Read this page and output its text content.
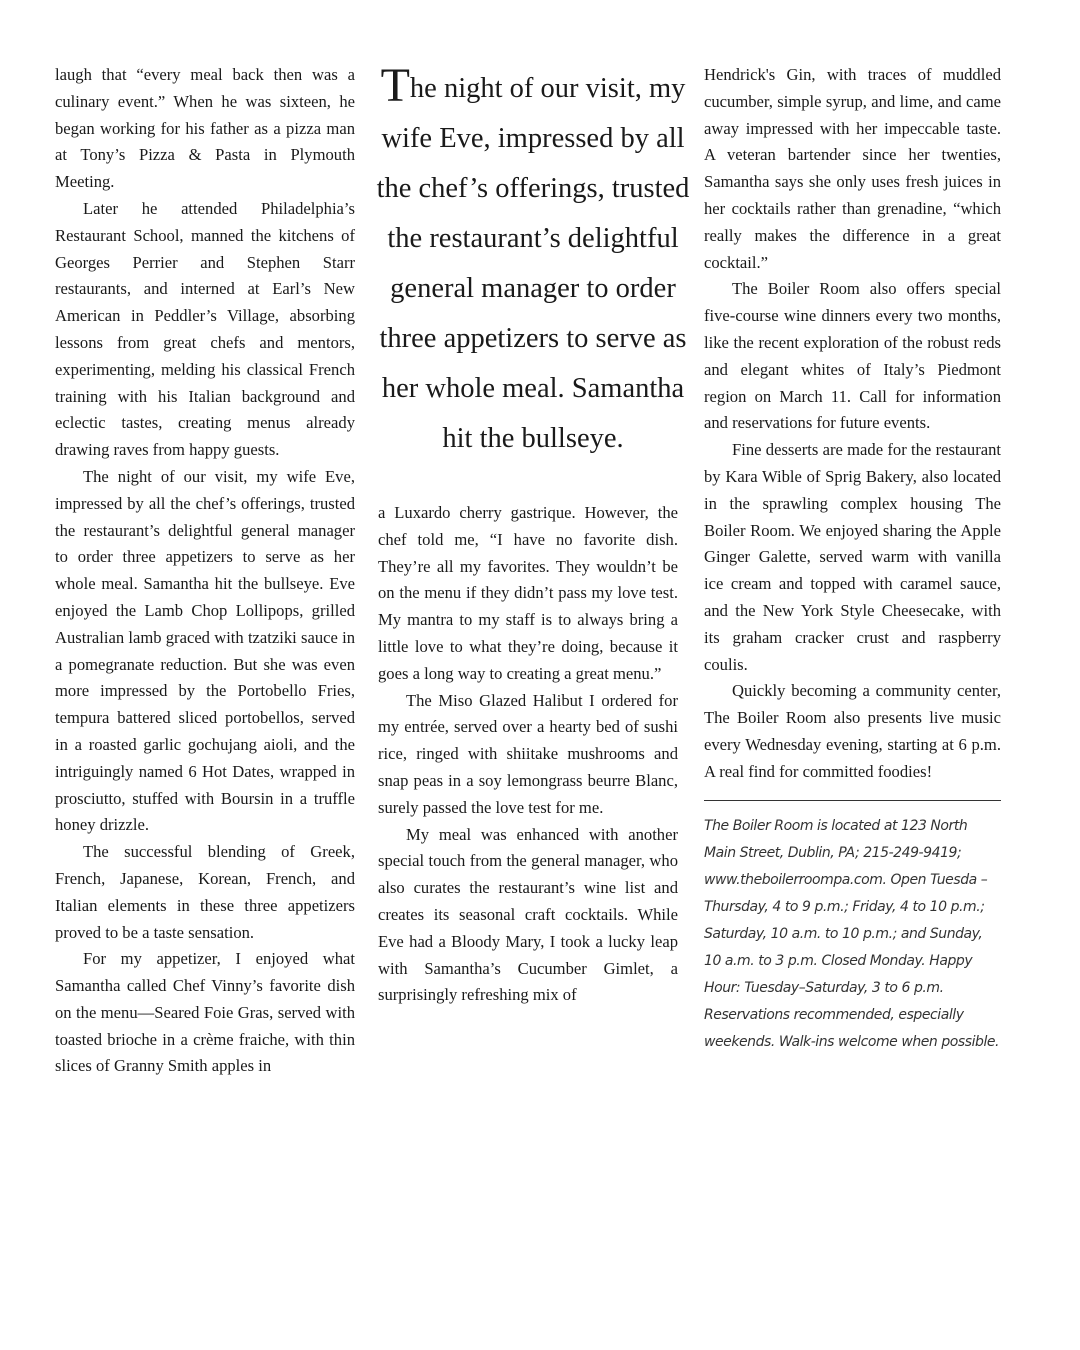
laugh that “every meal back then was a culinary event.” When he was sixteen, he began working for his father as a pizza man at Tony’s Pizza & Pasta in Plymouth Meeting.

Later he attended Philadelphia’s Restaurant School, manned the kitchens of Georges Perrier and Stephen Starr restaurants, and interned at Earl’s New American in Peddler’s Village, absorbing lessons from great chefs and mentors, experimenting, melding his classical French training with his Italian background and eclectic tastes, creating menus already drawing raves from happy guests.

The night of our visit, my wife Eve, impressed by all the chef’s offerings, trusted the restaurant’s delightful general manager to order three appetizers to serve as her whole meal. Samantha hit the bullseye. Eve enjoyed the Lamb Chop Lollipops, grilled Australian lamb graced with tzatziki sauce in a pomegranate reduction. But she was even more impressed by the Portobello Fries, tempura battered sliced portobellos, served in a roasted garlic gochujang aioli, and the intriguingly named 6 Hot Dates, wrapped in prosciutto, stuffed with Boursin in a truffle honey drizzle.

The successful blending of Greek, French, Japanese, Korean, French, and Italian elements in these three appetizers proved to be a taste sensation.

For my appetizer, I enjoyed what Samantha called Chef Vinny’s favorite dish on the menu—Seared Foie Gras, served with toasted brioche in a crème fraiche, with thin slices of Granny Smith apples in

The night of our visit, my wife Eve, impressed by all the chef’s offerings, trusted the restaurant’s delightful general manager to order three appetizers to serve as her whole meal. Samantha hit the bullseye.

a Luxardo cherry gastrique. However, the chef told me, “I have no favorite dish. They’re all my favorites. They wouldn’t be on the menu if they didn’t pass my love test. My mantra to my staff is to always bring a little love to what they’re doing, because it goes a long way to creating a great menu.”

The Miso Glazed Halibut I ordered for my entrée, served over a hearty bed of sushi rice, ringed with shiitake mushrooms and snap peas in a soy lemongrass beurre Blanc, surely passed the love test for me.

My meal was enhanced with another special touch from the general manager, who also curates the restaurant’s wine list and creates its seasonal craft cocktails. While Eve had a Bloody Mary, I took a lucky leap with Samantha’s Cucumber Gimlet, a surprisingly refreshing mix of

Hendrick's Gin, with traces of muddled cucumber, simple syrup, and lime, and came away impressed with her impeccable taste. A veteran bartender since her twenties, Samantha says she only uses fresh juices in her cocktails rather than grenadine, “which really makes the difference in a great cocktail.”

The Boiler Room also offers special five-course wine dinners every two months, like the recent exploration of the robust reds and elegant whites of Italy’s Piedmont region on March 11. Call for information and reservations for future events.

Fine desserts are made for the restaurant by Kara Wible of Sprig Bakery, also located in the sprawling complex housing The Boiler Room. We enjoyed sharing the Apple Ginger Galette, served warm with vanilla ice cream and topped with caramel sauce, and the New York Style Cheesecake, with its graham cracker crust and raspberry coulis.

Quickly becoming a community center, The Boiler Room also presents live music every Wednesday evening, starting at 6 p.m. A real find for committed foodies!

The Boiler Room is located at 123 North Main Street, Dublin, PA; 215-249-9419; www.theboilerroompa.com. Open Tuesda –Thursday, 4 to 9 p.m.; Friday, 4 to 10 p.m.; Saturday, 10 a.m. to 10 p.m.; and Sunday, 10 a.m. to 3 p.m. Closed Monday. Happy Hour: Tuesday–Saturday, 3 to 6 p.m. Reservations recommended, especially weekends. Walk-ins welcome when possible.
